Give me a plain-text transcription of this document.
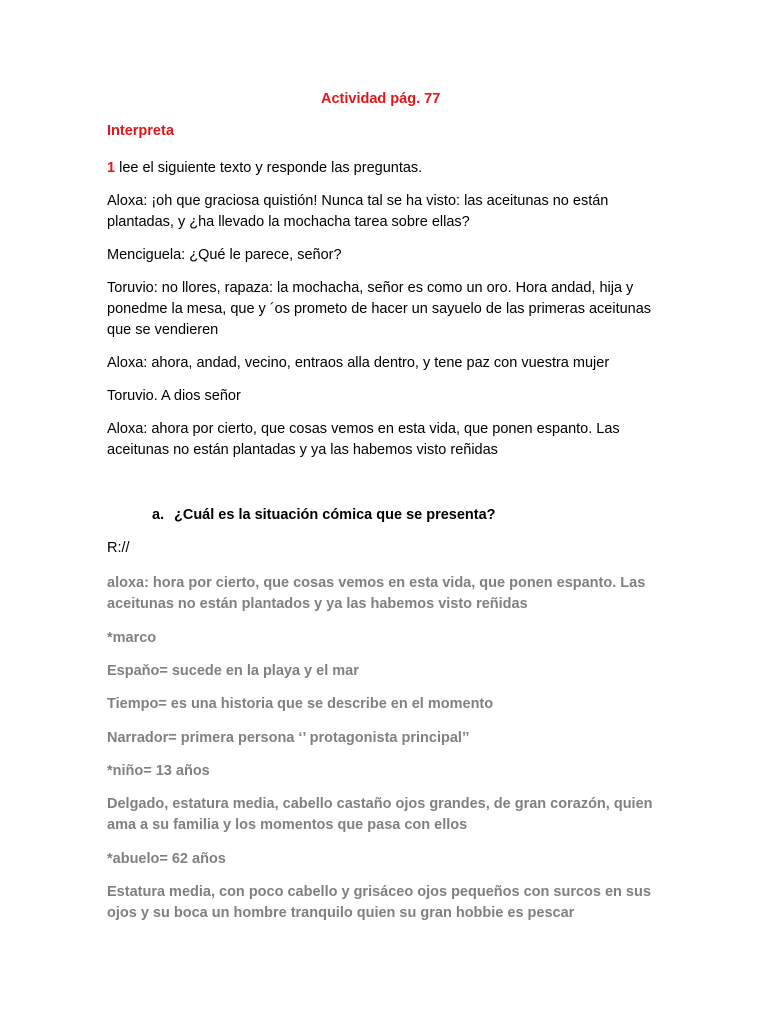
Actividad pág. 77
Interpreta
1 lee el siguiente texto y responde las preguntas.
Aloxa: ¡oh que graciosa quistión! Nunca tal se ha visto: las aceitunas no están plantadas, y ¿ha llevado la mochacha tarea sobre ellas?
Menciguela: ¿Qué le parece, señor?
Toruvio: no llores, rapaza: la mochacha, señor es como un oro. Hora andad, hija y ponedme la mesa, que y ´os prometo de hacer un sayuelo de las primeras aceitunas que se vendieren
Aloxa: ahora, andad, vecino, entraos alla dentro, y tene paz con vuestra mujer
Toruvio. A dios señor
Aloxa: ahora por cierto, que cosas vemos en esta vida, que ponen espanto. Las aceitunas no están plantadas y ya las habemos visto reñidas
a. ¿Cuál es la situación cómica que se presenta?
R://
aloxa: hora por cierto, que cosas vemos en esta vida, que ponen espanto. Las aceitunas no están plantados y ya las habemos visto reñidas
*marco
Espaňo= sucede en la playa y el mar
Tiempo= es una historia que se describe en el momento
Narrador= primera persona ‘’ protagonista principal’’
*niño= 13 años
Delgado, estatura media, cabello castaño ojos grandes, de gran corazón, quien ama a su familia y los momentos que pasa con ellos
*abuelo= 62 años
Estatura media, con poco cabello y grisáceo ojos pequeños con surcos en sus ojos y su boca un hombre tranquilo quien su gran hobbie es pescar
